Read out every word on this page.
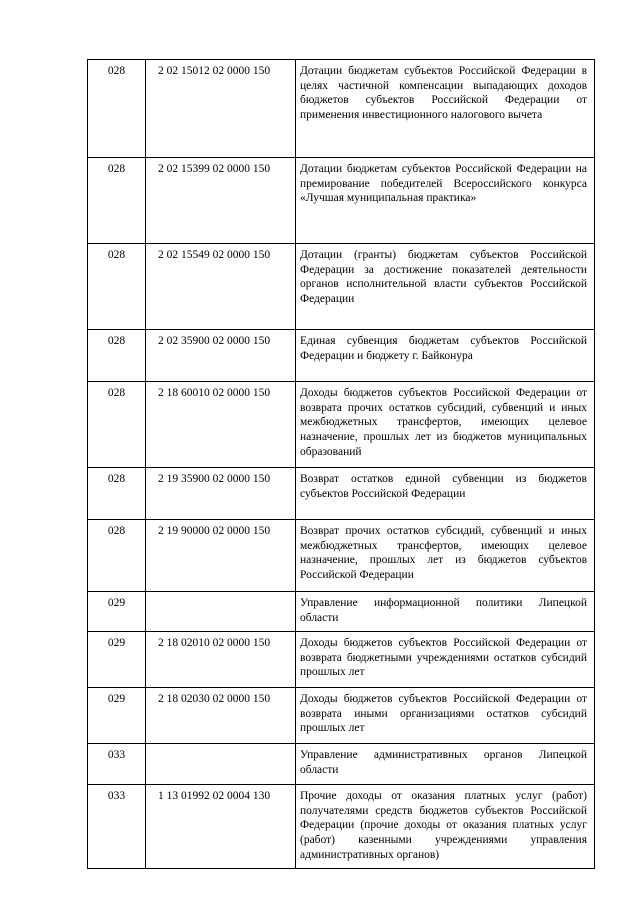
028	2 02 15012 02 0000 150	Дотации бюджетам субъектов Российской Федерации в целях частичной компенсации выпадающих доходов бюджетов субъектов Российской Федерации от применения инвестиционного налогового вычета
028	2 02 15399 02 0000 150	Дотации бюджетам субъектов Российской Федерации на премирование победителей Всероссийского конкурса «Лучшая муниципальная практика»
028	2 02 15549 02 0000 150	Дотации (гранты) бюджетам субъектов Российской Федерации за достижение показателей деятельности органов исполнительной власти субъектов Российской Федерации
028	2 02 35900 02 0000 150	Единая субвенция бюджетам субъектов Российской Федерации и бюджету г. Байконура
028	2 18 60010 02 0000 150	Доходы бюджетов субъектов Российской Федерации от возврата прочих остатков субсидий, субвенций и иных межбюджетных трансфертов, имеющих целевое назначение, прошлых лет из бюджетов муниципальных образований
028	2 19 35900 02 0000 150	Возврат остатков единой субвенции из бюджетов субъектов Российской Федерации
028	2 19 90000 02 0000 150	Возврат прочих остатков субсидий, субвенций и иных межбюджетных трансфертов, имеющих целевое назначение, прошлых лет из бюджетов субъектов Российской Федерации
029		Управление информационной политики Липецкой области
029	2 18 02010 02 0000 150	Доходы бюджетов субъектов Российской Федерации от возврата бюджетными учреждениями остатков субсидий прошлых лет
029	2 18 02030 02 0000 150	Доходы бюджетов субъектов Российской Федерации от возврата иными организациями остатков субсидий прошлых лет
033		Управление административных органов Липецкой области
033	1 13 01992 02 0004 130	Прочие доходы от оказания платных услуг (работ) получателями средств бюджетов субъектов Российской Федерации (прочие доходы от оказания платных услуг (работ) казенными учреждениями управления административных органов)
